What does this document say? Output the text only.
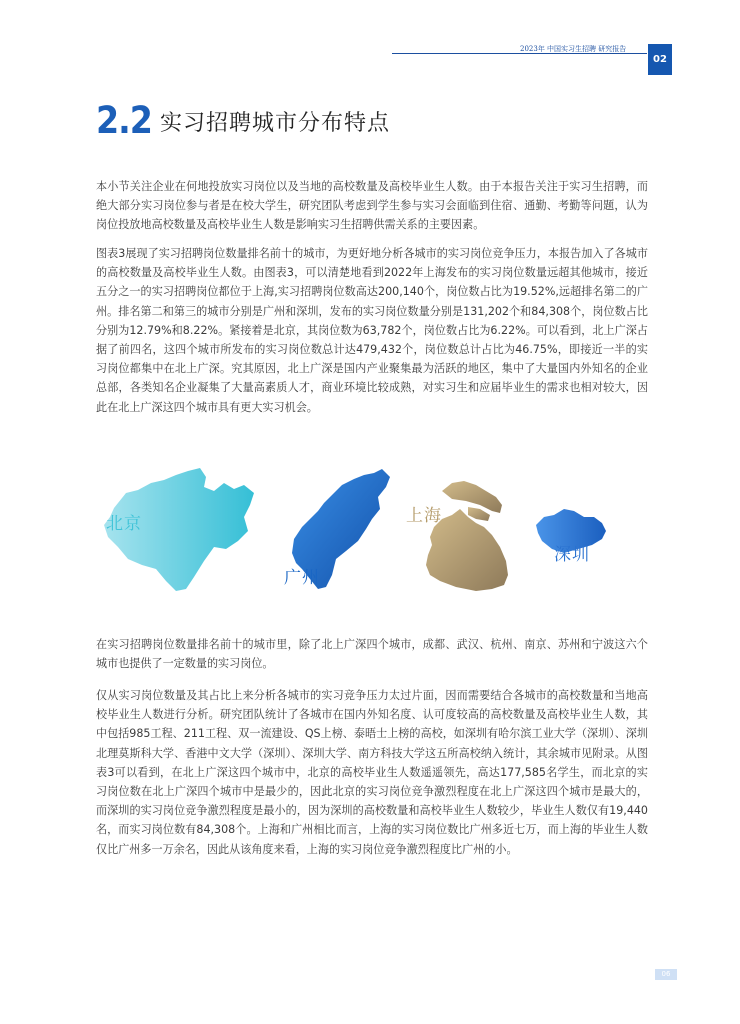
2023年 中国实习生招聘 研究报告
02
2.2 实习招聘城市分布特点

本小节关注企业在何地投放实习岗位以及当地的高校数量及高校毕业生人数。由于本报告关注于实习生招聘，而绝大部分实习岗位参与者是在校大学生，研究团队考虑到学生参与实习会面临到住宿、通勤、考勤等问题，认为岗位投放地高校数量及高校毕业生人数是影响实习生招聘供需关系的主要因素。

图表3展现了实习招聘岗位数量排名前十的城市，为更好地分析各城市的实习岗位竞争压力，本报告加入了各城市的高校数量及高校毕业生人数。由图表3，可以清楚地看到2022年上海发布的实习岗位数量远超其他城市，接近五分之一的实习招聘岗位都位于上海,实习招聘岗位数高达200,140个，岗位数占比为19.52%,远超排名第二的广州。排名第二和第三的城市分别是广州和深圳，发布的实习岗位数量分别是131,202个和84,308个，岗位数占比分别为12.79%和8.22%。紧接着是北京，其岗位数为63,782个，岗位数占比为6.22%。可以看到，北上广深占据了前四名，这四个城市所发布的实习岗位数总计达479,432个，岗位数总计占比为46.75%，即接近一半的实习岗位都集中在北上广深。究其原因，北上广深是国内产业聚集最为活跃的地区，集中了大量国内外知名的企业总部，各类知名企业凝集了大量高素质人才，商业环境比较成熟，对实习生和应届毕业生的需求也相对较大，因此在北上广深这四个城市具有更大实习机会。

北京
广州
上海
深圳

在实习招聘岗位数量排名前十的城市里，除了北上广深四个城市，成都、武汉、杭州、南京、苏州和宁波这六个城市也提供了一定数量的实习岗位。

仅从实习岗位数量及其占比上来分析各城市的实习竞争压力太过片面，因而需要结合各城市的高校数量和当地高校毕业生人数进行分析。研究团队统计了各城市在国内外知名度、认可度较高的高校数量及高校毕业生人数，其中包括985工程、211工程、双一流建设、QS上榜、泰晤士上榜的高校，如深圳有哈尔滨工业大学（深圳）、深圳北理莫斯科大学、香港中文大学（深圳）、深圳大学、南方科技大学这五所高校纳入统计，其余城市见附录。从图表3可以看到，在北上广深这四个城市中，北京的高校毕业生人数遥遥领先，高达177,585名学生，而北京的实习岗位数在北上广深四个城市中是最少的，因此北京的实习岗位竞争激烈程度在北上广深这四个城市是最大的，而深圳的实习岗位竞争激烈程度是最小的，因为深圳的高校数量和高校毕业生人数较少，毕业生人数仅有19,440名，而实习岗位数有84,308个。上海和广州相比而言，上海的实习岗位数比广州多近七万，而上海的毕业生人数仅比广州多一万余名，因此从该角度来看，上海的实习岗位竞争激烈程度比广州的小。

06
